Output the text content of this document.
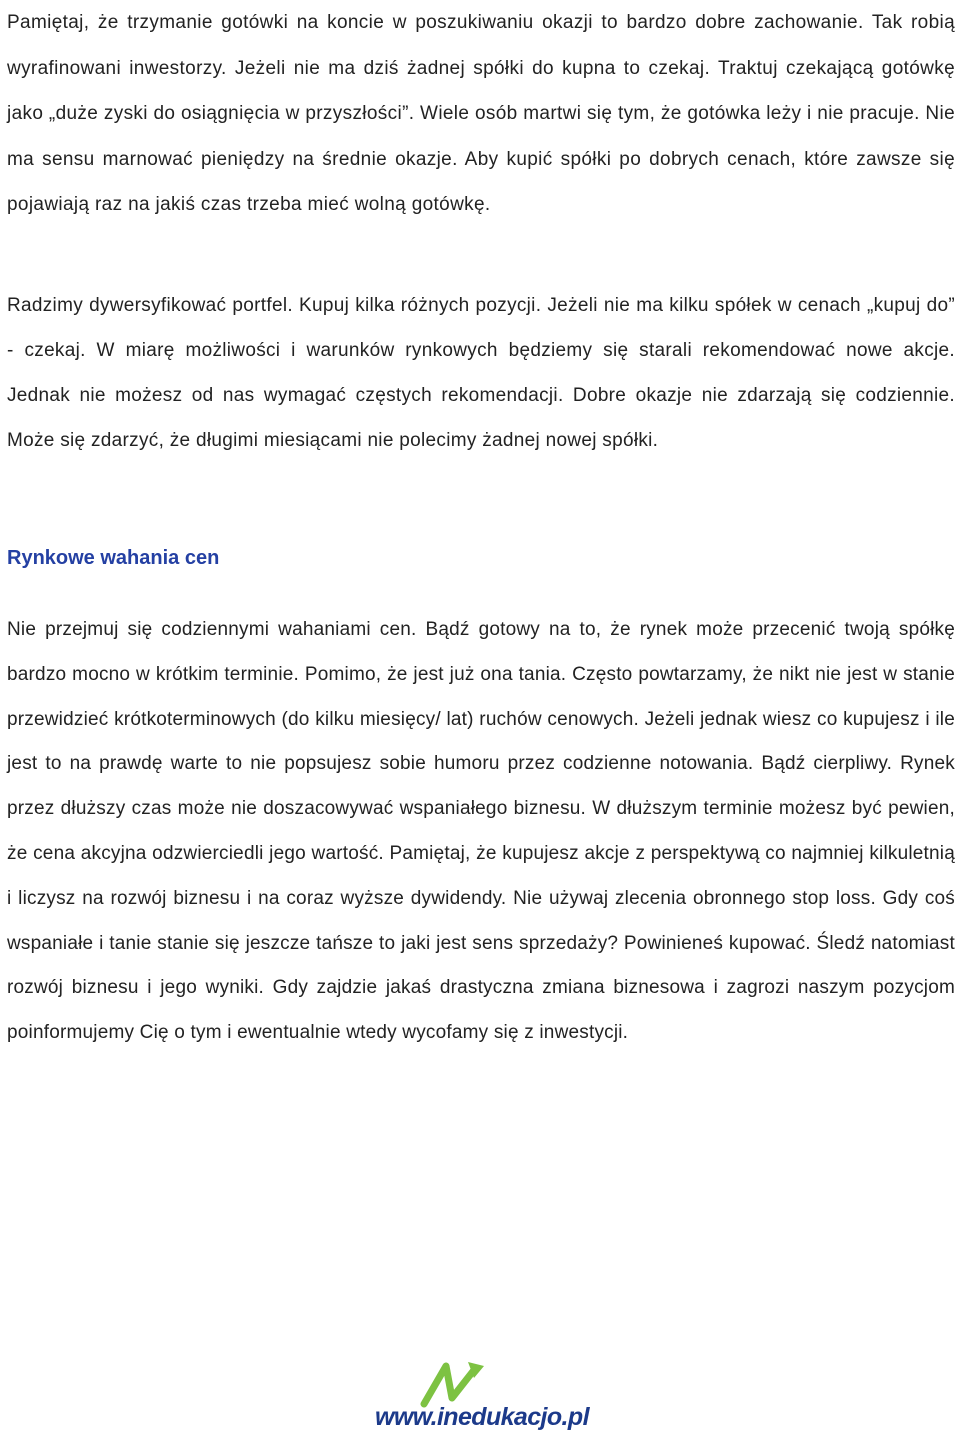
Pamiętaj, że trzymanie gotówki na koncie w poszukiwaniu okazji to bardzo dobre zachowanie. Tak robią wyrafinowani inwestorzy. Jeżeli nie ma dziś żadnej spółki do kupna to czekaj. Traktuj czekającą gotówkę jako „duże zyski do osiągnięcia w przyszłości”. Wiele osób martwi się tym, że gotówka leży i nie pracuje. Nie ma sensu marnować pieniędzy na średnie okazje. Aby kupić spółki po dobrych cenach, które zawsze się pojawiają raz na jakiś czas trzeba mieć wolną gotówkę.

Radzimy dywersyfikować portfel. Kupuj kilka różnych pozycji. Jeżeli nie ma kilku spółek w cenach „kupuj do” - czekaj. W miarę możliwości i warunków rynkowych będziemy się starali rekomendować nowe akcje. Jednak nie możesz od nas wymagać częstych rekomendacji. Dobre okazje nie zdarzają się codziennie. Może się zdarzyć, że długimi miesiącami nie polecimy żadnej nowej spółki.

Rynkowe wahania cen

Nie przejmuj się codziennymi wahaniami cen. Bądź gotowy na to, że rynek może przecenić twoją spółkę bardzo mocno w krótkim terminie. Pomimo, że jest już ona tania. Często powtarzamy, że nikt nie jest w stanie przewidzieć krótkoterminowych (do kilku miesięcy/ lat) ruchów cenowych. Jeżeli jednak wiesz co kupujesz i ile jest to na prawdę warte to nie popsujesz sobie humoru przez codzienne notowania. Bądź cierpliwy. Rynek przez dłuższy czas może nie doszacowywać wspaniałego biznesu. W dłuższym terminie możesz być pewien, że cena akcyjna odzwierciedli jego wartość. Pamiętaj, że kupujesz akcje z perspektywą co najmniej kilkuletnią i liczysz na rozwój biznesu i na coraz wyższe dywidendy. Nie używaj zlecenia obronnego stop loss. Gdy coś wspaniałe i tanie stanie się jeszcze tańsze to jaki jest sens sprzedaży? Powinieneś kupować. Śledź natomiast rozwój biznesu i jego wyniki. Gdy zajdzie jakaś drastyczna zmiana biznesowa i zagrozi naszym pozycjom poinformujemy Cię o tym i ewentualnie wtedy wycofamy się z inwestycji.

www.inedukacjo.pl
